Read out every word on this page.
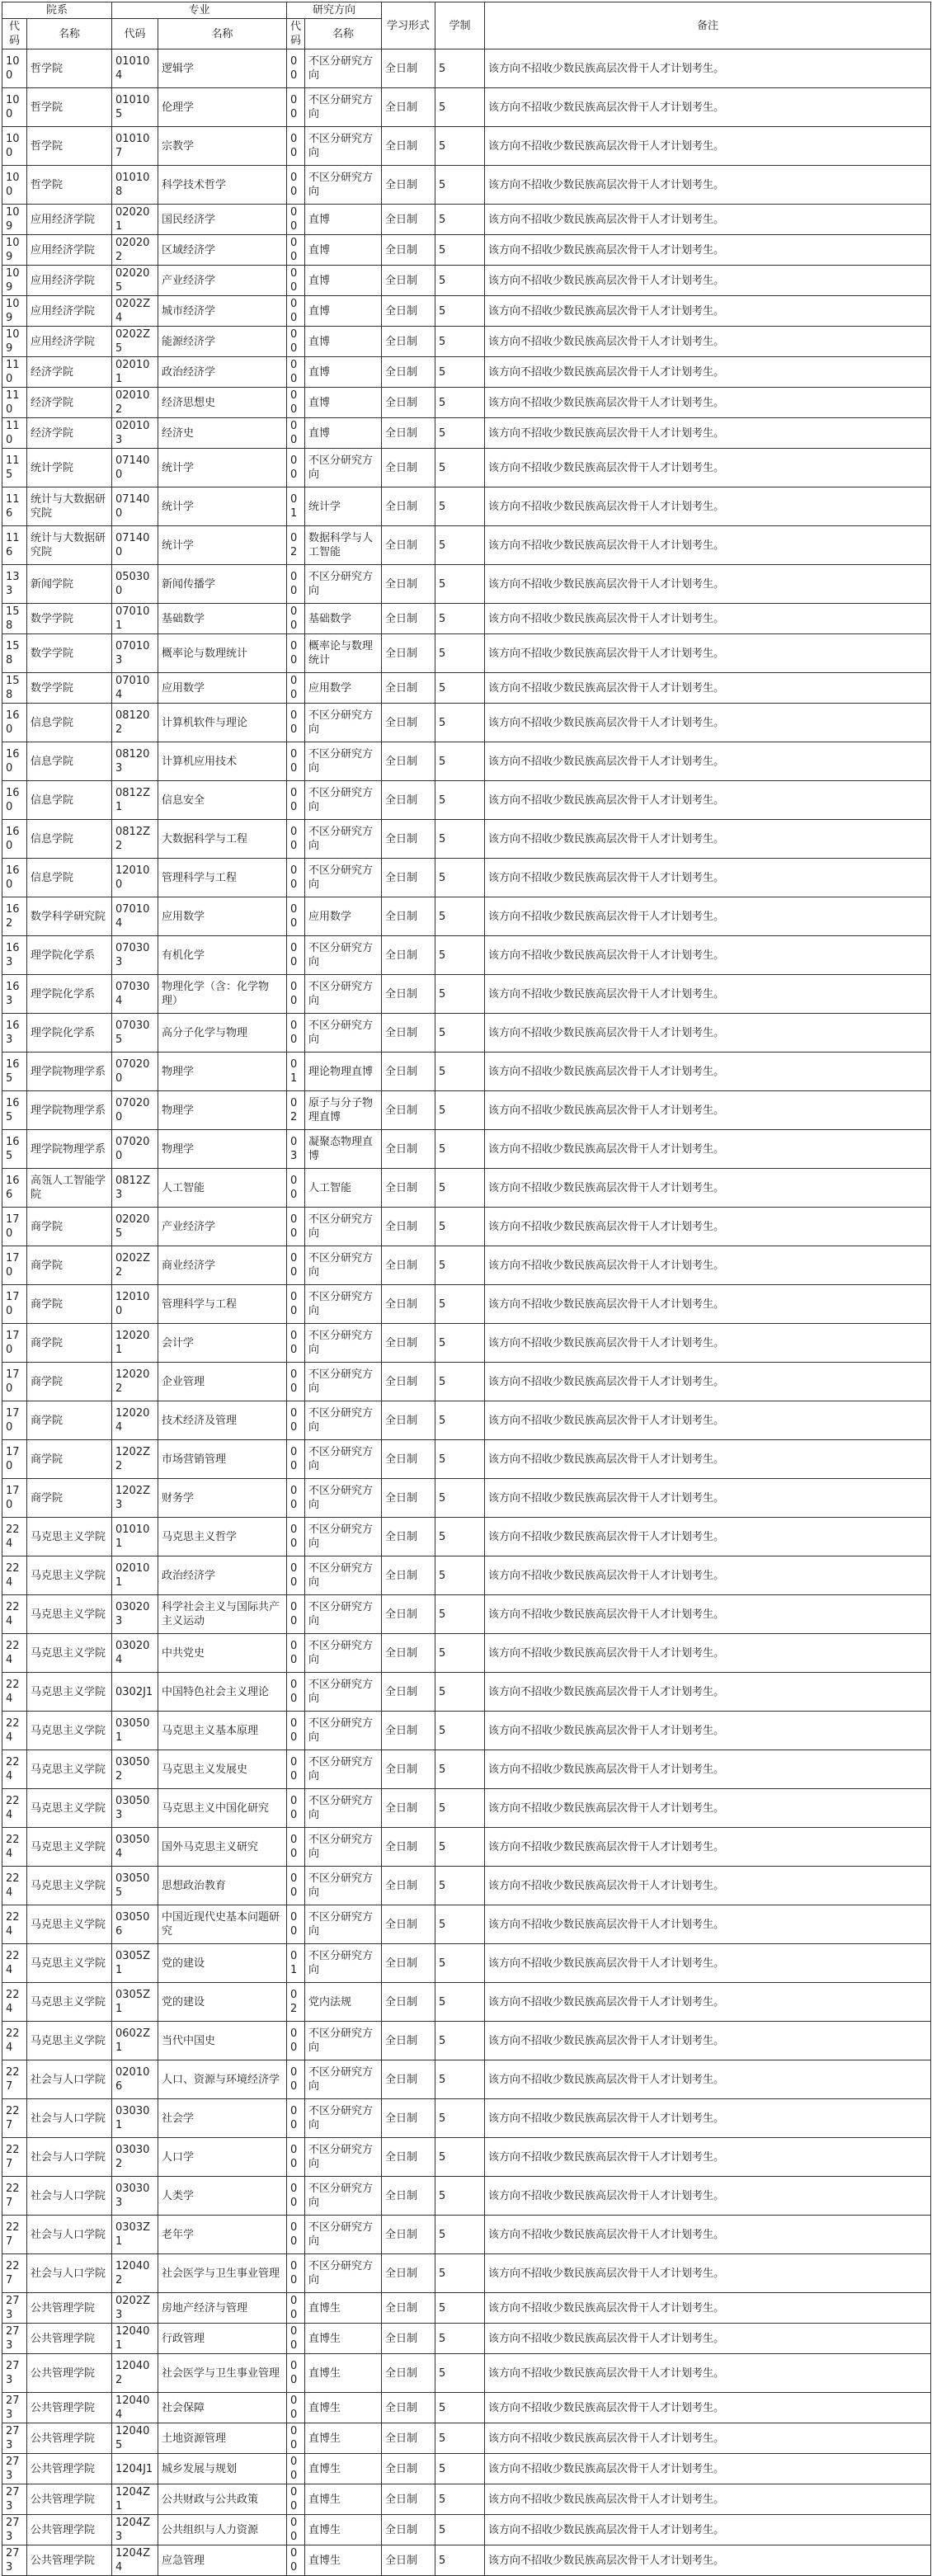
院系		专业		研究方向		学习形式	学制	备注
代码	名称	代码	名称	代码	名称			
100	哲学院	010104	逻辑学	00	不区分研究方向	全日制	5	该方向不招收少数民族高层次骨干人才计划考生。
100	哲学院	010105	伦理学	00	不区分研究方向	全日制	5	该方向不招收少数民族高层次骨干人才计划考生。
100	哲学院	010107	宗教学	00	不区分研究方向	全日制	5	该方向不招收少数民族高层次骨干人才计划考生。
100	哲学院	010108	科学技术哲学	00	不区分研究方向	全日制	5	该方向不招收少数民族高层次骨干人才计划考生。
109	应用经济学院	020201	国民经济学	00	直博	全日制	5	该方向不招收少数民族高层次骨干人才计划考生。
109	应用经济学院	020202	区域经济学	00	直博	全日制	5	该方向不招收少数民族高层次骨干人才计划考生。
109	应用经济学院	020205	产业经济学	00	直博	全日制	5	该方向不招收少数民族高层次骨干人才计划考生。
109	应用经济学院	0202Z4	城市经济学	00	直博	全日制	5	该方向不招收少数民族高层次骨干人才计划考生。
109	应用经济学院	0202Z5	能源经济学	00	直博	全日制	5	该方向不招收少数民族高层次骨干人才计划考生。
110	经济学院	020101	政治经济学	00	直博	全日制	5	该方向不招收少数民族高层次骨干人才计划考生。
110	经济学院	020102	经济思想史	00	直博	全日制	5	该方向不招收少数民族高层次骨干人才计划考生。
110	经济学院	020103	经济史	00	直博	全日制	5	该方向不招收少数民族高层次骨干人才计划考生。
115	统计学院	071400	统计学	00	不区分研究方向	全日制	5	该方向不招收少数民族高层次骨干人才计划考生。
116	统计与大数据研究院	071400	统计学	01	统计学	全日制	5	该方向不招收少数民族高层次骨干人才计划考生。
116	统计与大数据研究院	071400	统计学	02	数据科学与人工智能	全日制	5	该方向不招收少数民族高层次骨干人才计划考生。
133	新闻学院	050300	新闻传播学	00	不区分研究方向	全日制	5	该方向不招收少数民族高层次骨干人才计划考生。
158	数学学院	070101	基础数学	00	基础数学	全日制	5	该方向不招收少数民族高层次骨干人才计划考生。
158	数学学院	070103	概率论与数理统计	00	概率论与数理统计	全日制	5	该方向不招收少数民族高层次骨干人才计划考生。
158	数学学院	070104	应用数学	00	应用数学	全日制	5	该方向不招收少数民族高层次骨干人才计划考生。
160	信息学院	081202	计算机软件与理论	00	不区分研究方向	全日制	5	该方向不招收少数民族高层次骨干人才计划考生。
160	信息学院	081203	计算机应用技术	00	不区分研究方向	全日制	5	该方向不招收少数民族高层次骨干人才计划考生。
160	信息学院	0812Z1	信息安全	00	不区分研究方向	全日制	5	该方向不招收少数民族高层次骨干人才计划考生。
160	信息学院	0812Z2	大数据科学与工程	00	不区分研究方向	全日制	5	该方向不招收少数民族高层次骨干人才计划考生。
160	信息学院	120100	管理科学与工程	00	不区分研究方向	全日制	5	该方向不招收少数民族高层次骨干人才计划考生。
162	数学科学研究院	070104	应用数学	00	应用数学	全日制	5	该方向不招收少数民族高层次骨干人才计划考生。
163	理学院化学系	070303	有机化学	00	不区分研究方向	全日制	5	该方向不招收少数民族高层次骨干人才计划考生。
163	理学院化学系	070304	物理化学（含：化学物理）	00	不区分研究方向	全日制	5	该方向不招收少数民族高层次骨干人才计划考生。
163	理学院化学系	070305	高分子化学与物理	00	不区分研究方向	全日制	5	该方向不招收少数民族高层次骨干人才计划考生。
165	理学院物理学系	070200	物理学	01	理论物理直博	全日制	5	该方向不招收少数民族高层次骨干人才计划考生。
165	理学院物理学系	070200	物理学	02	原子与分子物理直博	全日制	5	该方向不招收少数民族高层次骨干人才计划考生。
165	理学院物理学系	070200	物理学	03	凝聚态物理直博	全日制	5	该方向不招收少数民族高层次骨干人才计划考生。
166	高瓴人工智能学院	0812Z3	人工智能	00	人工智能	全日制	5	该方向不招收少数民族高层次骨干人才计划考生。
170	商学院	020205	产业经济学	00	不区分研究方向	全日制	5	该方向不招收少数民族高层次骨干人才计划考生。
170	商学院	0202Z2	商业经济学	00	不区分研究方向	全日制	5	该方向不招收少数民族高层次骨干人才计划考生。
170	商学院	120100	管理科学与工程	00	不区分研究方向	全日制	5	该方向不招收少数民族高层次骨干人才计划考生。
170	商学院	120201	会计学	00	不区分研究方向	全日制	5	该方向不招收少数民族高层次骨干人才计划考生。
170	商学院	120202	企业管理	00	不区分研究方向	全日制	5	该方向不招收少数民族高层次骨干人才计划考生。
170	商学院	120204	技术经济及管理	00	不区分研究方向	全日制	5	该方向不招收少数民族高层次骨干人才计划考生。
170	商学院	1202Z2	市场营销管理	00	不区分研究方向	全日制	5	该方向不招收少数民族高层次骨干人才计划考生。
170	商学院	1202Z3	财务学	00	不区分研究方向	全日制	5	该方向不招收少数民族高层次骨干人才计划考生。
224	马克思主义学院	010101	马克思主义哲学	00	不区分研究方向	全日制	5	该方向不招收少数民族高层次骨干人才计划考生。
224	马克思主义学院	020101	政治经济学	00	不区分研究方向	全日制	5	该方向不招收少数民族高层次骨干人才计划考生。
224	马克思主义学院	030203	科学社会主义与国际共产主义运动	00	不区分研究方向	全日制	5	该方向不招收少数民族高层次骨干人才计划考生。
224	马克思主义学院	030204	中共党史	00	不区分研究方向	全日制	5	该方向不招收少数民族高层次骨干人才计划考生。
224	马克思主义学院	0302J1	中国特色社会主义理论	00	不区分研究方向	全日制	5	该方向不招收少数民族高层次骨干人才计划考生。
224	马克思主义学院	030501	马克思主义基本原理	00	不区分研究方向	全日制	5	该方向不招收少数民族高层次骨干人才计划考生。
224	马克思主义学院	030502	马克思主义发展史	00	不区分研究方向	全日制	5	该方向不招收少数民族高层次骨干人才计划考生。
224	马克思主义学院	030503	马克思主义中国化研究	00	不区分研究方向	全日制	5	该方向不招收少数民族高层次骨干人才计划考生。
224	马克思主义学院	030504	国外马克思主义研究	00	不区分研究方向	全日制	5	该方向不招收少数民族高层次骨干人才计划考生。
224	马克思主义学院	030505	思想政治教育	00	不区分研究方向	全日制	5	该方向不招收少数民族高层次骨干人才计划考生。
224	马克思主义学院	030506	中国近现代史基本问题研究	00	不区分研究方向	全日制	5	该方向不招收少数民族高层次骨干人才计划考生。
224	马克思主义学院	0305Z1	党的建设	01	不区分研究方向	全日制	5	该方向不招收少数民族高层次骨干人才计划考生。
224	马克思主义学院	0305Z1	党的建设	02	党内法规	全日制	5	该方向不招收少数民族高层次骨干人才计划考生。
224	马克思主义学院	0602Z1	当代中国史	00	不区分研究方向	全日制	5	该方向不招收少数民族高层次骨干人才计划考生。
227	社会与人口学院	020106	人口、资源与环境经济学	00	不区分研究方向	全日制	5	该方向不招收少数民族高层次骨干人才计划考生。
227	社会与人口学院	030301	社会学	00	不区分研究方向	全日制	5	该方向不招收少数民族高层次骨干人才计划考生。
227	社会与人口学院	030302	人口学	00	不区分研究方向	全日制	5	该方向不招收少数民族高层次骨干人才计划考生。
227	社会与人口学院	030303	人类学	00	不区分研究方向	全日制	5	该方向不招收少数民族高层次骨干人才计划考生。
227	社会与人口学院	0303Z1	老年学	00	不区分研究方向	全日制	5	该方向不招收少数民族高层次骨干人才计划考生。
227	社会与人口学院	120402	社会医学与卫生事业管理	00	不区分研究方向	全日制	5	该方向不招收少数民族高层次骨干人才计划考生。
273	公共管理学院	0202Z3	房地产经济与管理	00	直博生	全日制	5	该方向不招收少数民族高层次骨干人才计划考生。
273	公共管理学院	120401	行政管理	00	直博生	全日制	5	该方向不招收少数民族高层次骨干人才计划考生。
273	公共管理学院	120402	社会医学与卫生事业管理	00	直博生	全日制	5	该方向不招收少数民族高层次骨干人才计划考生。
273	公共管理学院	120404	社会保障	00	直博生	全日制	5	该方向不招收少数民族高层次骨干人才计划考生。
273	公共管理学院	120405	土地资源管理	00	直博生	全日制	5	该方向不招收少数民族高层次骨干人才计划考生。
273	公共管理学院	1204J1	城乡发展与规划	00	直博生	全日制	5	该方向不招收少数民族高层次骨干人才计划考生。
273	公共管理学院	1204Z1	公共财政与公共政策	00	直博生	全日制	5	该方向不招收少数民族高层次骨干人才计划考生。
273	公共管理学院	1204Z3	公共组织与人力资源	00	直博生	全日制	5	该方向不招收少数民族高层次骨干人才计划考生。
273	公共管理学院	1204Z4	应急管理	00	直博生	全日制	5	该方向不招收少数民族高层次骨干人才计划考生。
